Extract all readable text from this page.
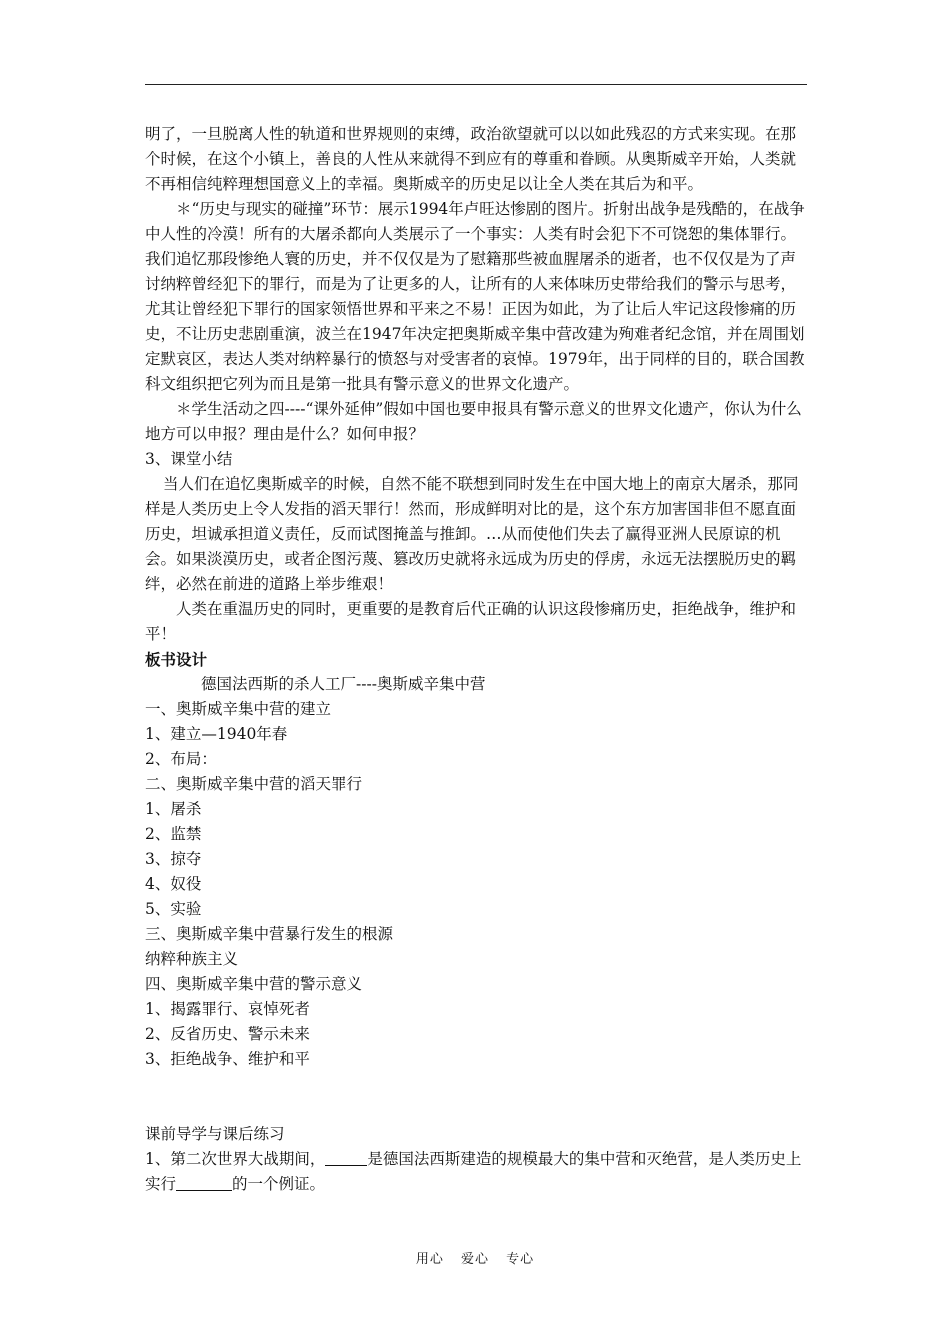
明了，一旦脱离人性的轨道和世界规则的束缚，政治欲望就可以以如此残忍的方式来实现。在那个时候，在这个小镇上，善良的人性从来就得不到应有的尊重和眷顾。从奥斯威辛开始，人类就不再相信纯粹理想国意义上的幸福。奥斯威辛的历史足以让全人类在其后为和平。

＊“历史与现实的碰撞”环节：展示1994年卢旺达惨剧的图片。折射出战争是残酷的，在战争中人性的冷漠！所有的大屠杀都向人类展示了一个事实：人类有时会犯下不可饶恕的集体罪行。我们追忆那段惨绝人寰的历史，并不仅仅是为了慰籍那些被血腥屠杀的逝者，也不仅仅是为了声讨纳粹曾经犯下的罪行，而是为了让更多的人，让所有的人来体味历史带给我们的警示与思考，尤其让曾经犯下罪行的国家领悟世界和平来之不易！正因为如此，为了让后人牢记这段惨痛的历史，不让历史悲剧重演，波兰在1947年决定把奥斯威辛集中营改建为殉难者纪念馆，并在周围划定默哀区，表达人类对纳粹暴行的愤怒与对受害者的哀悼。1979年，出于同样的目的，联合国教科文组织把它列为而且是第一批具有警示意义的世界文化遗产。

＊学生活动之四----“课外延伸”假如中国也要申报具有警示意义的世界文化遗产，你认为什么地方可以申报？理由是什么？如何申报？

3、课堂小结

当人们在追忆奥斯威辛的时候，自然不能不联想到同时发生在中国大地上的南京大屠杀，那同样是人类历史上令人发指的滔天罪行！然而，形成鲜明对比的是，这个东方加害国非但不愿直面历史，坦诚承担道义责任，反而试图掩盖与推卸。…从而使他们失去了赢得亚洲人民原谅的机会。如果淡漠历史，或者企图污蔑、篡改历史就将永远成为历史的俘虏，永远无法摆脱历史的羁绊，必然在前进的道路上举步维艰！

人类在重温历史的同时，更重要的是教育后代正确的认识这段惨痛历史，拒绝战争，维护和平！

板书设计

德国法西斯的杀人工厂----奥斯威辛集中营

一、奥斯威辛集中营的建立

1、建立—1940年春

2、布局：

二、奥斯威辛集中营的滔天罪行

1、屠杀

2、监禁

3、掠夺

4、奴役

5、实验

三、奥斯威辛集中营暴行发生的根源

纳粹种族主义

四、奥斯威辛集中营的警示意义

1、揭露罪行、哀悼死者

2、反省历史、警示未来

3、拒绝战争、维护和平

课前导学与课后练习

1、第二次世界大战期间，	是德国法西斯建造的规模最大的集中营和灭绝营，是人类历史上实行	的一个例证。

用心 爱心 专心
